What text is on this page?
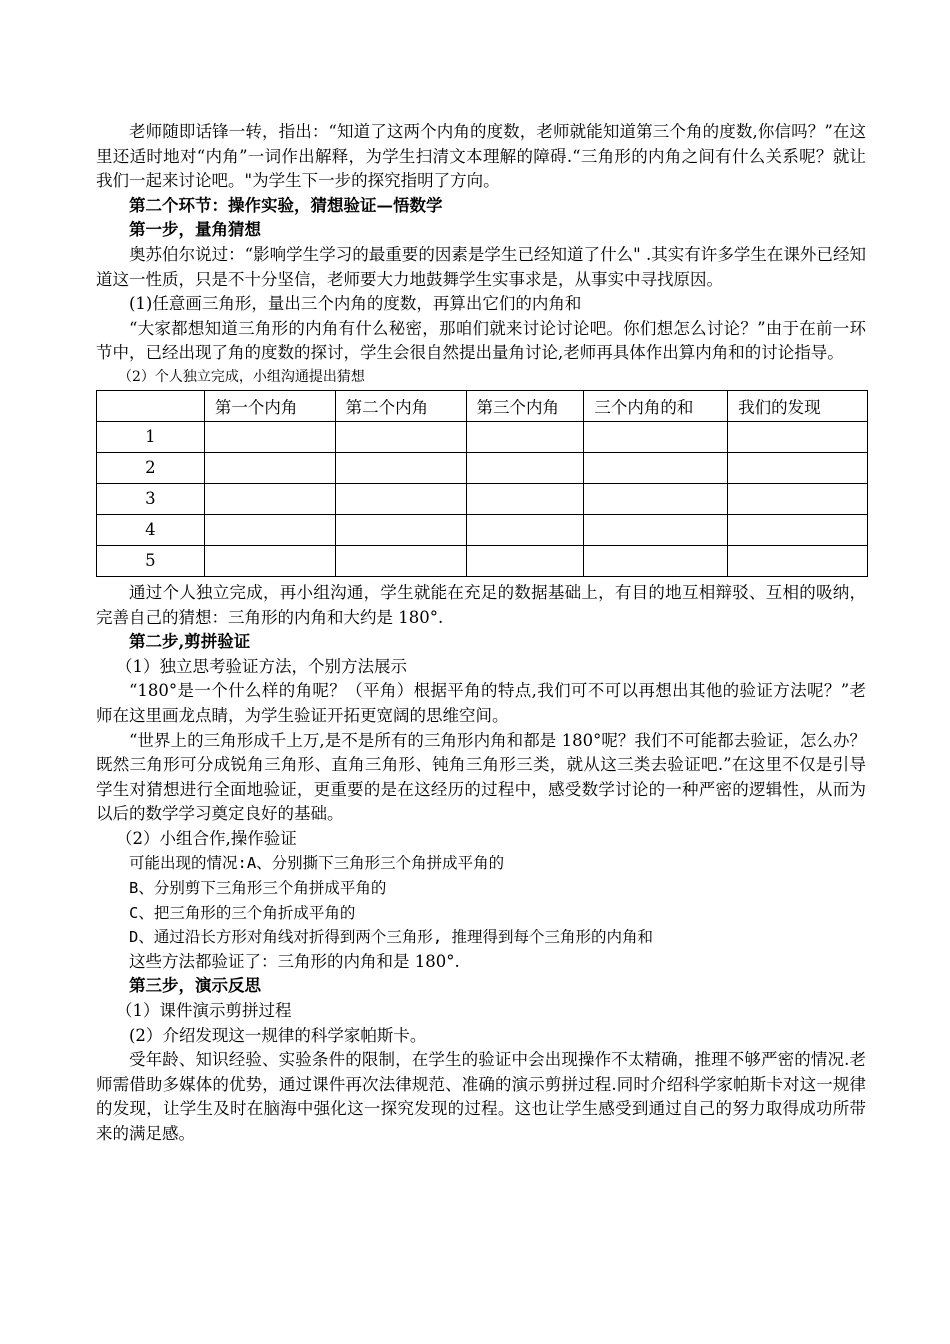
老师随即话锋一转，指出：“知道了这两个内角的度数，老师就能知道第三个角的度数,你信吗？”在这里还适时地对“内角”一词作出解释，为学生扫清文本理解的障碍.“三角形的内角之间有什么关系呢？就让我们一起来讨论吧。"为学生下一步的探究指明了方向。

第二个环节：操作实验，猜想验证—悟数学

第一步，量角猜想

奥苏伯尔说过：“影响学生学习的最重要的因素是学生已经知道了什么" .其实有许多学生在课外已经知道这一性质，只是不十分坚信，老师要大力地鼓舞学生实事求是，从事实中寻找原因。

(1)任意画三角形，量出三个内角的度数，再算出它们的内角和

“大家都想知道三角形的内角有什么秘密，那咱们就来讨论讨论吧。你们想怎么讨论？”由于在前一环节中，已经出现了角的度数的探讨，学生会很自然提出量角讨论,老师再具体作出算内角和的讨论指导。

（2）个人独立完成，小组沟通提出猜想

	第一个内角	第二个内角	第三个内角	三个内角的和	我们的发现
1					
2					
3					
4					
5					

通过个人独立完成，再小组沟通，学生就能在充足的数据基础上，有目的地互相辩驳、互相的吸纳，完善自己的猜想：三角形的内角和大约是 180°.

第二步,剪拼验证

（1）独立思考验证方法，个别方法展示

“180°是一个什么样的角呢？（平角）根据平角的特点,我们可不可以再想出其他的验证方法呢？”老师在这里画龙点睛，为学生验证开拓更宽阔的思维空间。

“世界上的三角形成千上万,是不是所有的三角形内角和都是 180°呢？我们不可能都去验证，怎么办？既然三角形可分成锐角三角形、直角三角形、钝角三角形三类，就从这三类去验证吧.”在这里不仅是引导学生对猜想进行全面地验证，更重要的是在这经历的过程中，感受数学讨论的一种严密的逻辑性，从而为以后的数学学习奠定良好的基础。

（2）小组合作,操作验证

可能出现的情况:A、分别撕下三角形三个角拼成平角的

B、分别剪下三角形三个角拼成平角的

C、把三角形的三个角折成平角的

D、通过沿长方形对角线对折得到两个三角形, 推理得到每个三角形的内角和

这些方法都验证了：三角形的内角和是 180°.

第三步，演示反思

（1）课件演示剪拼过程

(2）介绍发现这一规律的科学家帕斯卡。

受年龄、知识经验、实验条件的限制，在学生的验证中会出现操作不太精确，推理不够严密的情况.老师需借助多媒体的优势，通过课件再次法律规范、准确的演示剪拼过程.同时介绍科学家帕斯卡对这一规律的发现，让学生及时在脑海中强化这一探究发现的过程。这也让学生感受到通过自己的努力取得成功所带来的满足感。
